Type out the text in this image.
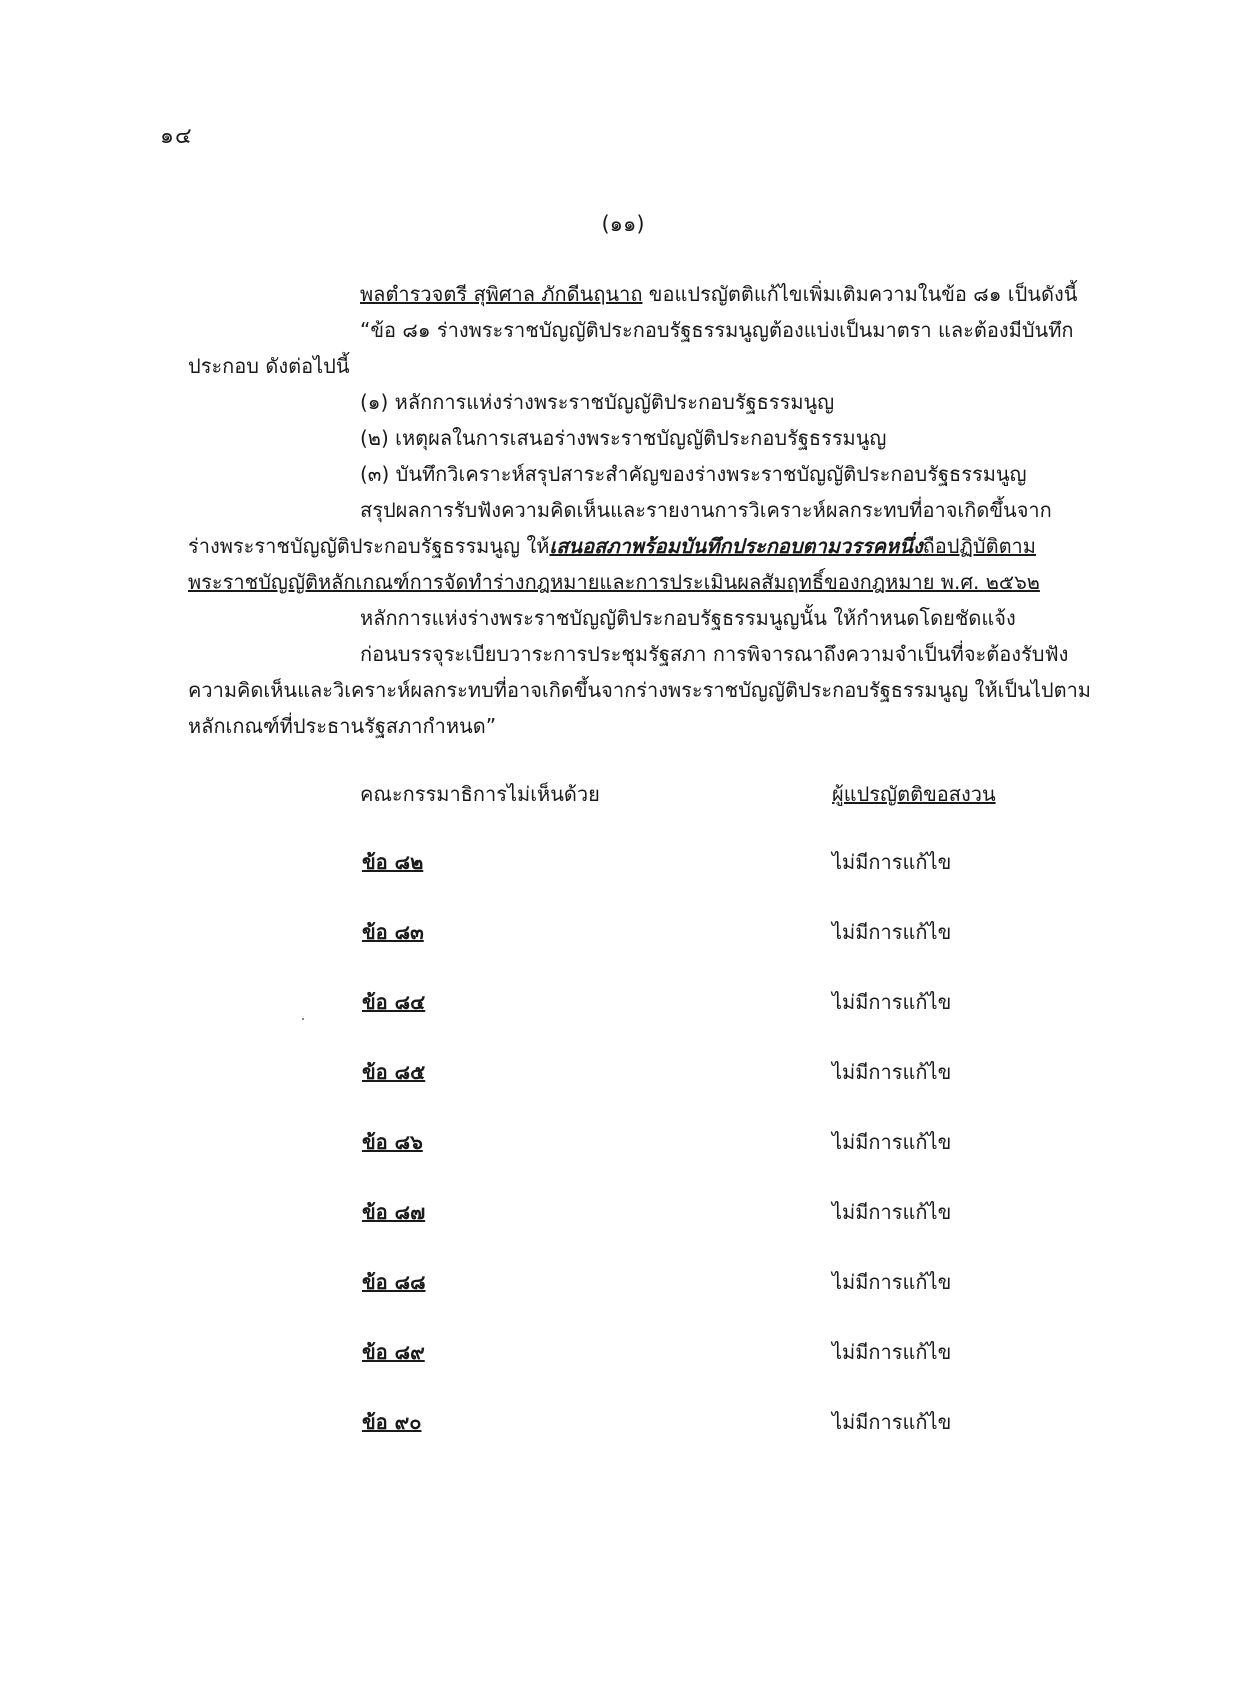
๑๔
(๑๑)
พลตำรวจตรี สุพิศาล ภักดีนฤนาถ ขอแปรญัตติแก้ไขเพิ่มเติมความในข้อ ๘๑ เป็นดังนี้
“ข้อ ๘๑ ร่างพระราชบัญญัติประกอบรัฐธรรมนูญต้องแบ่งเป็นมาตรา และต้องมีบันทึก
ประกอบ ดังต่อไปนี้
(๑) หลักการแห่งร่างพระราชบัญญัติประกอบรัฐธรรมนูญ
(๒) เหตุผลในการเสนอร่างพระราชบัญญัติประกอบรัฐธรรมนูญ
(๓) บันทึกวิเคราะห์สรุปสาระสำคัญของร่างพระราชบัญญัติประกอบรัฐธรรมนูญ
สรุปผลการรับฟังความคิดเห็นและรายงานการวิเคราะห์ผลกระทบที่อาจเกิดขึ้นจาก
ร่างพระราชบัญญัติประกอบรัฐธรรมนูญ ให้เสนอสภาพร้อมบันทึกประกอบตามวรรคหนึ่งถือปฏิบัติตาม
พระราชบัญญัติหลักเกณฑ์การจัดทำร่างกฎหมายและการประเมินผลสัมฤทธิ์ของกฎหมาย พ.ศ. ๒๕๖๒
หลักการแห่งร่างพระราชบัญญัติประกอบรัฐธรรมนูญนั้น ให้กำหนดโดยชัดแจ้ง
ก่อนบรรจุระเบียบวาระการประชุมรัฐสภา การพิจารณาถึงความจำเป็นที่จะต้องรับฟัง
ความคิดเห็นและวิเคราะห์ผลกระทบที่อาจเกิดขึ้นจากร่างพระราชบัญญัติประกอบรัฐธรรมนูญ ให้เป็นไปตาม
หลักเกณฑ์ที่ประธานรัฐสภากำหนด”
คณะกรรมาธิการไม่เห็นด้วย	ผู้แปรญัตติขอสงวน
ข้อ ๘๒	ไม่มีการแก้ไข
ข้อ ๘๓	ไม่มีการแก้ไข
ข้อ ๘๔	ไม่มีการแก้ไข
ข้อ ๘๕	ไม่มีการแก้ไข
ข้อ ๘๖	ไม่มีการแก้ไข
ข้อ ๘๗	ไม่มีการแก้ไข
ข้อ ๘๘	ไม่มีการแก้ไข
ข้อ ๘๙	ไม่มีการแก้ไข
ข้อ ๙๐	ไม่มีการแก้ไข
